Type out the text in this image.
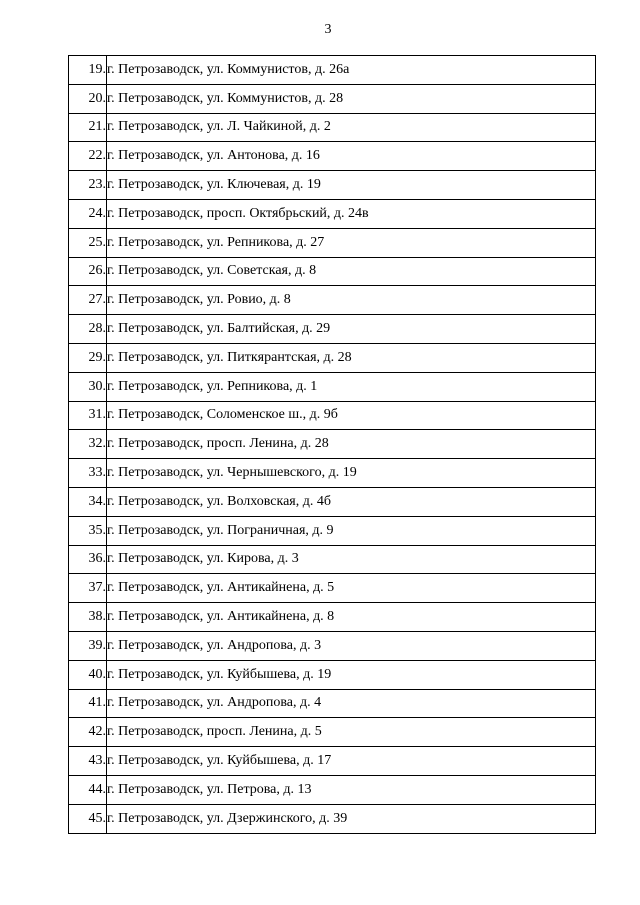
3
19.	г. Петрозаводск, ул. Коммунистов, д. 26а
20.	г. Петрозаводск, ул. Коммунистов, д. 28
21.	г. Петрозаводск, ул. Л. Чайкиной, д. 2
22.	г. Петрозаводск, ул. Антонова, д. 16
23.	г. Петрозаводск, ул. Ключевая, д. 19
24.	г. Петрозаводск, просп. Октябрьский, д. 24в
25.	г. Петрозаводск, ул. Репникова, д. 27
26.	г. Петрозаводск, ул. Советская, д. 8
27.	г. Петрозаводск, ул. Ровио, д. 8
28.	г. Петрозаводск, ул. Балтийская, д. 29
29.	г. Петрозаводск, ул. Питкярантская, д. 28
30.	г. Петрозаводск, ул. Репникова, д. 1
31.	г. Петрозаводск, Соломенское ш., д. 9б
32.	г. Петрозаводск, просп. Ленина, д. 28
33.	г. Петрозаводск, ул. Чернышевского, д. 19
34.	г. Петрозаводск, ул. Волховская, д. 4б
35.	г. Петрозаводск, ул. Пограничная, д. 9
36.	г. Петрозаводск, ул. Кирова, д. 3
37.	г. Петрозаводск, ул. Антикайнена, д. 5
38.	г. Петрозаводск, ул. Антикайнена, д. 8
39.	г. Петрозаводск, ул. Андропова, д. 3
40.	г. Петрозаводск, ул. Куйбышева, д. 19
41.	г. Петрозаводск, ул. Андропова, д. 4
42.	г. Петрозаводск, просп. Ленина, д. 5
43.	г. Петрозаводск, ул. Куйбышева, д. 17
44.	г. Петрозаводск, ул. Петрова, д. 13
45.	г. Петрозаводск, ул. Дзержинского, д. 39
